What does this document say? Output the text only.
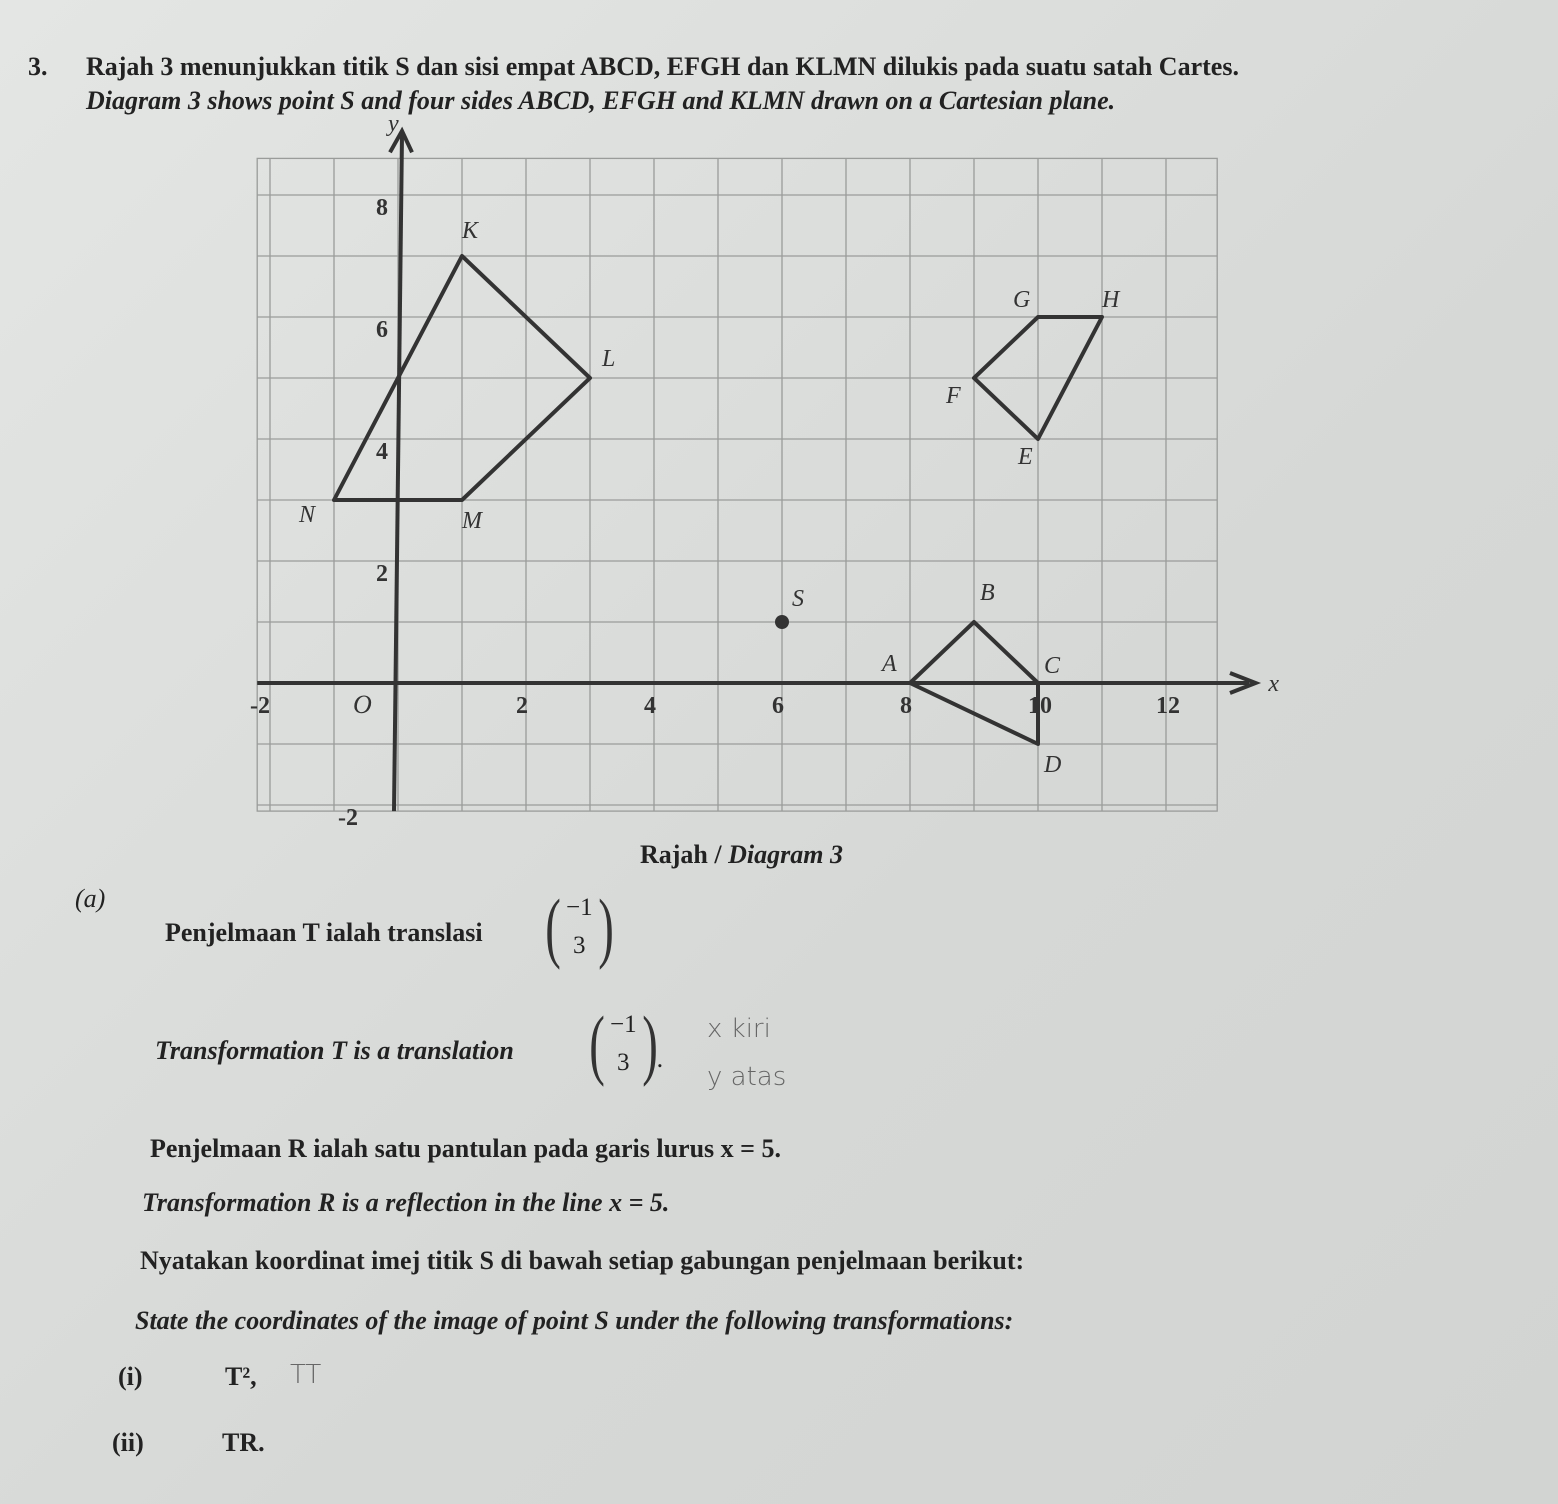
3. Rajah 3 menunjukkan titik S dan sisi empat ABCD, EFGH dan KLMN dilukis pada suatu satah Cartes.
Diagram 3 shows point S and four sides ABCD, EFGH and KLMN drawn on a Cartesian plane.
x
y
O
-2	2	4	6	8	10	12
8
6
4
2
-2
K
L
M
N
E
F
G	H
A
B
C
D
S
Rajah / Diagram 3
(a)
Penjelmaan T ialah translasi ( −1
3 )
Transformation T is a translation ( −1
3 ) .
x kiri
y atas
Penjelmaan R ialah satu pantulan pada garis lurus x = 5.
Transformation R is a reflection in the line x = 5.
Nyatakan koordinat imej titik S di bawah setiap gabungan penjelmaan berikut:
State the coordinates of the image of point S under the following transformations:
(i)	T², TT
(ii)	TR.
